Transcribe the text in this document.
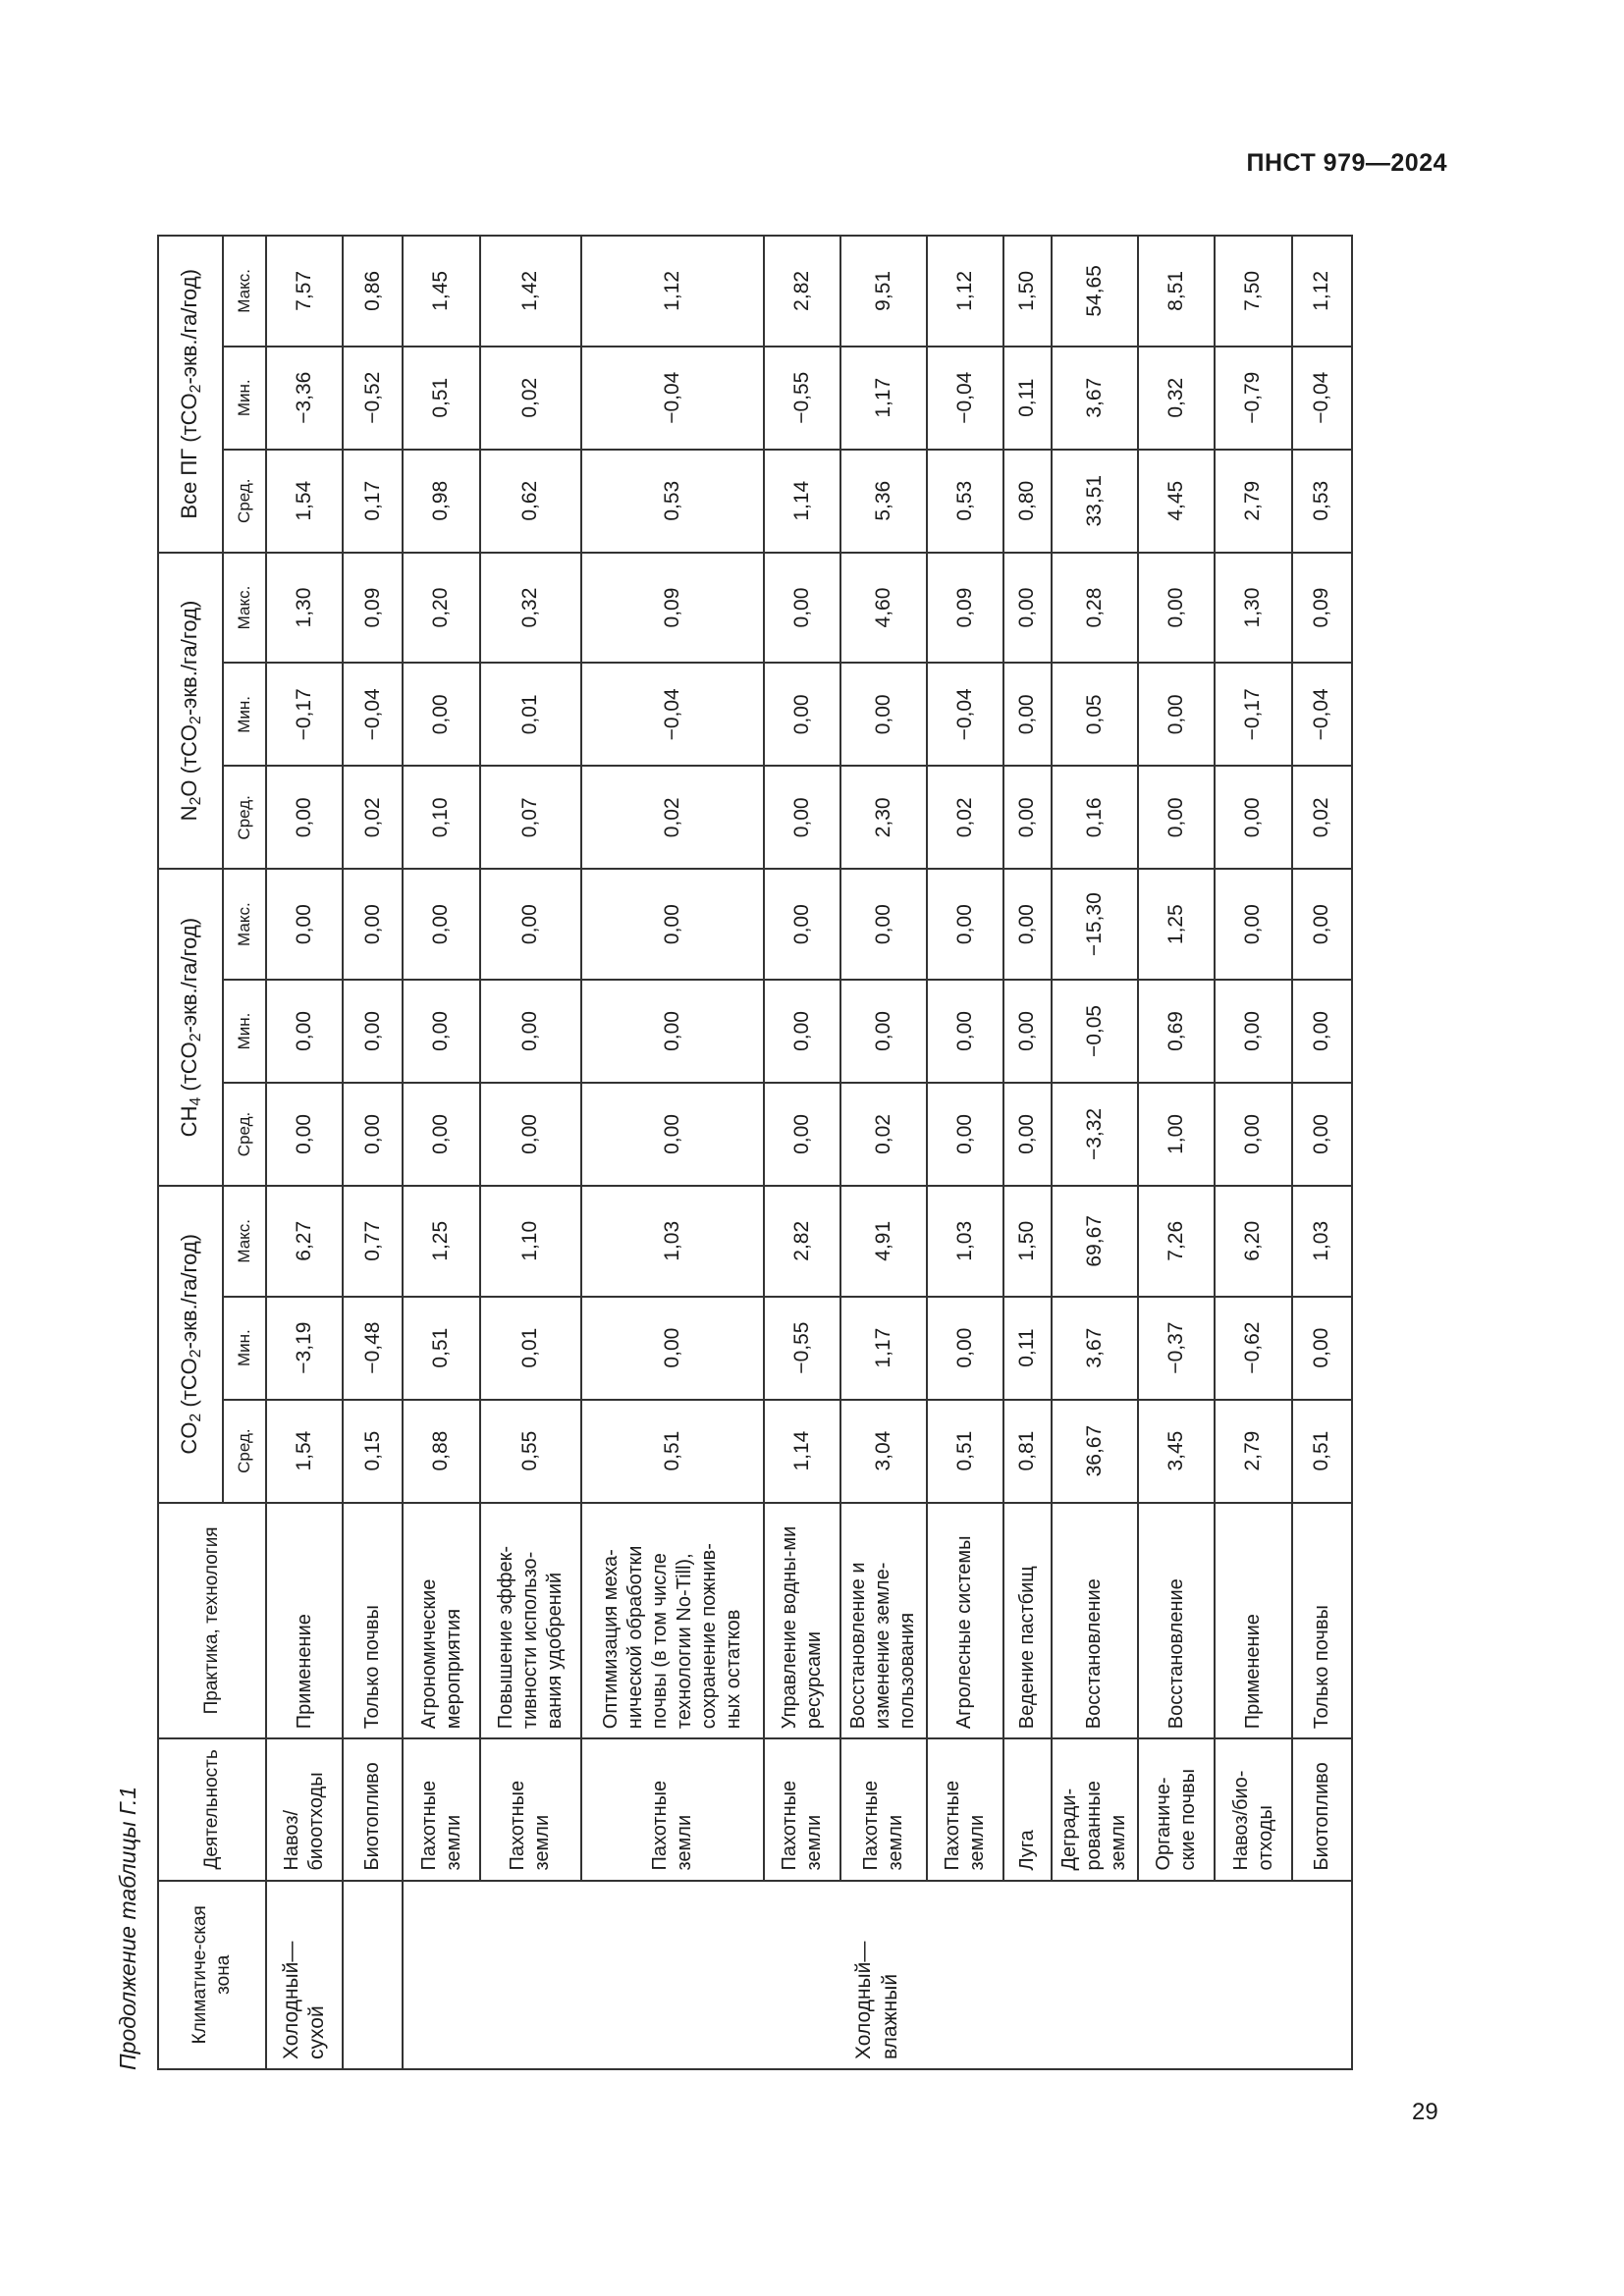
ПНСТ 979—2024
Продолжение таблицы Г.1	Климатиче-ская зона	Деятельность	Практика, технология	$CO_2$ (тCO$_2$-экв./га/год)			$CH_4$ (тCO$_2$-экв./га/год)			$N_2O$ (тCO$_2$-экв./га/год)			Все ПГ (тCO$_2$-экв./га/год)		
			Сред.	Мин.	Макс.	Сред.	Мин.	Макс.	Сред.	Мин.	Макс.	Сред.	Мин.	Макс.
Холодный—сухой	Навоз/биоотходы	Применение	1,54	−3,19	6,27	0,00	0,00	0,00	0,00	−0,17	1,30	1,54	−3,36	7,57
	Биотопливо	Только почвы	0,15	−0,48	0,77	0,00	0,00	0,00	0,02	−0,04	0,09	0,17	−0,52	0,86
Холодный—влажный	Пахотные земли	Агрономические мероприятия	0,88	0,51	1,25	0,00	0,00	0,00	0,10	0,00	0,20	0,98	0,51	1,45
	Пахотные земли	Повышение эффек-тивности использо-вания удобрений	0,55	0,01	1,10	0,00	0,00	0,00	0,07	0,01	0,32	0,62	0,02	1,42
	Пахотные земли	Оптимизация меха-нической обработки почвы (в том числе технологии No-Till), сохранение пожнив-ных остатков	0,51	0,00	1,03	0,00	0,00	0,00	0,02	−0,04	0,09	0,53	−0,04	1,12
	Пахотные земли	Управление водны-ми ресурсами	1,14	−0,55	2,82	0,00	0,00	0,00	0,00	0,00	0,00	1,14	−0,55	2,82
	Пахотные земли	Восстановление и изменение земле-пользования	3,04	1,17	4,91	0,02	0,00	0,00	2,30	0,00	4,60	5,36	1,17	9,51
	Пахотные земли	Агролесные системы	0,51	0,00	1,03	0,00	0,00	0,00	0,02	−0,04	0,09	0,53	−0,04	1,12
	Луга	Ведение пастбищ	0,81	0,11	1,50	0,00	0,00	0,00	0,00	0,00	0,00	0,80	0,11	1,50
	Дегради-рованные земли	Восстановление	36,67	3,67	69,67	−3,32	−0,05	−15,30	0,16	0,05	0,28	33,51	3,67	54,65
	Органиче-ские почвы	Восстановление	3,45	−0,37	7,26	1,00	0,69	1,25	0,00	0,00	0,00	4,45	0,32	8,51
	Навоз/био-отходы	Применение	2,79	−0,62	6,20	0,00	0,00	0,00	0,00	−0,17	1,30	2,79	−0,79	7,50
	Биотопливо	Только почвы	0,51	0,00	1,03	0,00	0,00	0,00	0,02	−0,04	0,09	0,53	−0,04	1,12
29
